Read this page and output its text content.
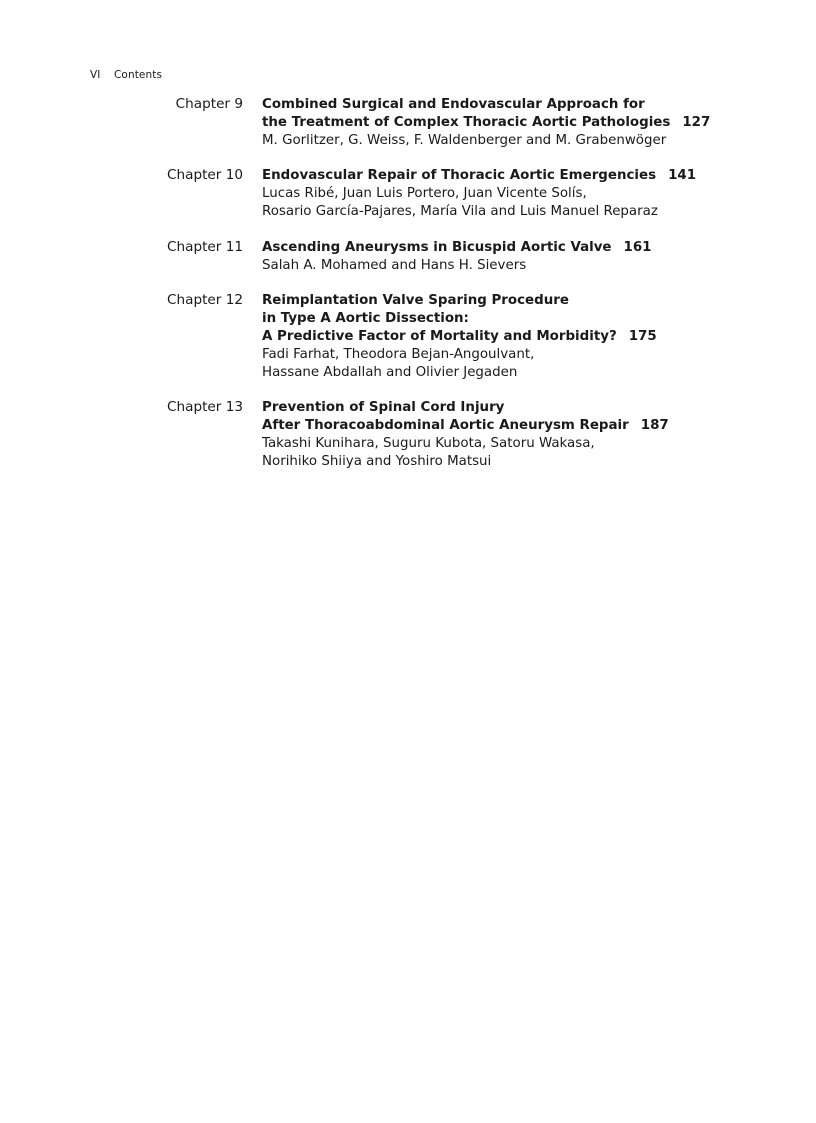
VI Contents
Chapter 9 Combined Surgical and Endovascular Approach for
the Treatment of Complex Thoracic Aortic Pathologies 127
M. Gorlitzer, G. Weiss, F. Waldenberger and M. Grabenwöger
Chapter 10 Endovascular Repair of Thoracic Aortic Emergencies 141
Lucas Ribé, Juan Luis Portero, Juan Vicente Solís,
Rosario García-Pajares, María Vila and Luis Manuel Reparaz
Chapter 11 Ascending Aneurysms in Bicuspid Aortic Valve 161
Salah A. Mohamed and Hans H. Sievers
Chapter 12 Reimplantation Valve Sparing Procedure
in Type A Aortic Dissection:
A Predictive Factor of Mortality and Morbidity? 175
Fadi Farhat, Theodora Bejan-Angoulvant,
Hassane Abdallah and Olivier Jegaden
Chapter 13 Prevention of Spinal Cord Injury
After Thoracoabdominal Aortic Aneurysm Repair 187
Takashi Kunihara, Suguru Kubota, Satoru Wakasa,
Norihiko Shiiya and Yoshiro Matsui
